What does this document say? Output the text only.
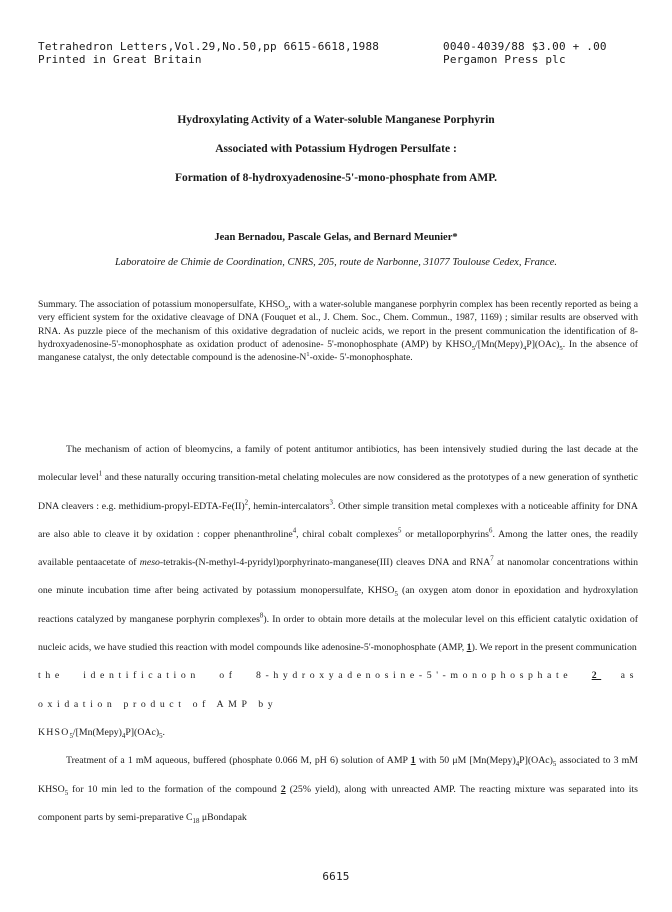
Tetrahedron Letters,Vol.29,No.50,pp 6615-6618,1988	0040-4039/88 $3.00 + .00
Printed in Great Britain	Pergamon Press plc
Hydroxylating Activity of a Water-soluble Manganese Porphyrin
Associated with Potassium Hydrogen Persulfate :
Formation of 8-hydroxyadenosine-5'-mono-phosphate from AMP.
Jean Bernadou, Pascale Gelas, and Bernard Meunier*
Laboratoire de Chimie de Coordination, CNRS, 205, route de Narbonne, 31077 Toulouse Cedex, France.
Summary. The association of potassium monopersulfate, $KHSO_5$, with a water-soluble manganese porphyrin complex has been recently reported as being a very efficient system for the oxidative cleavage of DNA (Fouquet et al., J. Chem. Soc., Chem. Commun., 1987, 1169) ; similar results are observed with RNA. As puzzle piece of the mechanism of this oxidative degradation of nucleic acids, we report in the present communication the identification of 8-hydroxyadenosine-5'-monophosphate as oxidation product of adenosine- 5'-monophosphate (AMP) by $KHSO_5/[Mn(Mepy)_4P](OAc)_5$. In the absence of manganese catalyst, the only detectable compound is the adenosine-$N^1-oxide-$ 5'-monophosphate.

The mechanism of action of bleomycins, a family of potent antitumor antibiotics, has been intensively studied during the last decade at the molecular level$^1$ and these naturally occuring transition-metal chelating molecules are now considered as the prototypes of a new generation of synthetic DNA cleavers : e.g. methidium-propyl-EDTA-Fe(II)$^2$, hemin-intercalators$^3$. Other simple transition metal complexes with a noticeable affinity for DNA are also able to cleave it by oxidation : copper phenanthroline$^4$, chiral cobalt complexes$^5$ or metalloporphyrins$^6$. Among the latter ones, the readily available pentaacetate of meso-tetrakis-(N-methyl-4-pyridyl)porphyrinato-manganese(III) cleaves DNA and RNA$^7$ at nanomolar concentrations within one minute incubation time after being activated by potassium monopersulfate, $KHSO_5$ (an oxygen atom donor in epoxidation and hydroxylation reactions catalyzed by manganese porphyrin complexes$^8$). In order to obtain more details at the molecular level on this efficient catalytic oxidation of nucleic acids, we have studied this reaction with model compounds like adenosine-5'-monophosphate (AMP, 1). We report in the present communication
the identification of 8-hydroxyadenosine-5'-monophosphate 2 as oxidation product of AMP by
$KHSO_5/[Mn(Mepy)_4P](OAc)_5$.

Treatment of a 1 mM aqueous, buffered (phosphate 0.066 M, pH 6) solution of AMP 1 with 50 μM $[Mn(Mepy)_4P](OAc)_5$ associated to 3 mM $KHSO_5$ for 10 min led to the formation of the compound 2 (25% yield), along with unreacted AMP. The reacting mixture was separated into its component parts by semi-preparative $C_{18}$ μBondapak

6615
